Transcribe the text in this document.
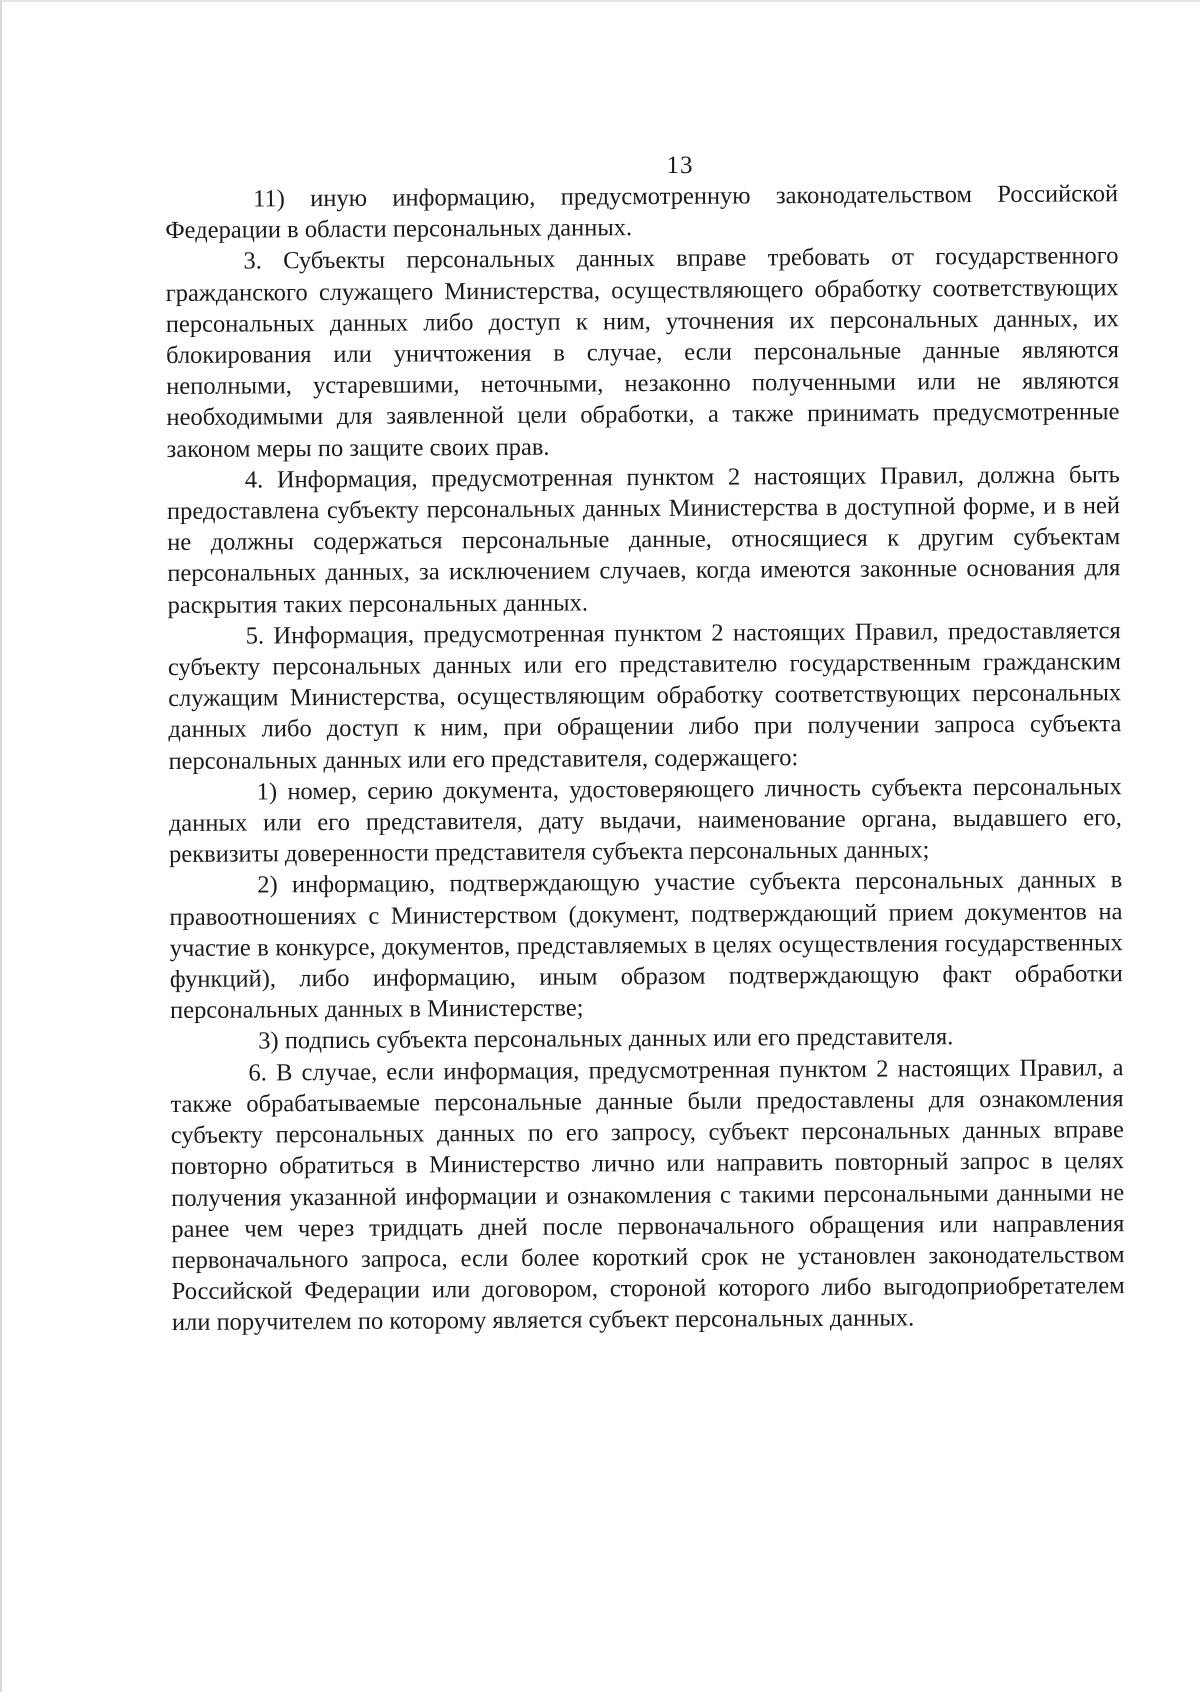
13

11) иную информацию, предусмотренную законодательством Российской Федерации в области персональных данных.

3. Субъекты персональных данных вправе требовать от государственного гражданского служащего Министерства, осуществляющего обработку соответствующих персональных данных либо доступ к ним, уточнения их персональных данных, их блокирования или уничтожения в случае, если персональные данные являются неполными, устаревшими, неточными, незаконно полученными или не являются необходимыми для заявленной цели обработки, а также принимать предусмотренные законом меры по защите своих прав.

4. Информация, предусмотренная пунктом 2 настоящих Правил, должна быть предоставлена субъекту персональных данных Министерства в доступной форме, и в ней не должны содержаться персональные данные, относящиеся к другим субъектам персональных данных, за исключением случаев, когда имеются законные основания для раскрытия таких персональных данных.

5. Информация, предусмотренная пунктом 2 настоящих Правил, предоставляется субъекту персональных данных или его представителю государственным гражданским служащим Министерства, осуществляющим обработку соответствующих персональных данных либо доступ к ним, при обращении либо при получении запроса субъекта персональных данных или его представителя, содержащего:

1) номер, серию документа, удостоверяющего личность субъекта персональных данных или его представителя, дату выдачи, наименование органа, выдавшего его, реквизиты доверенности представителя субъекта персональных данных;

2) информацию, подтверждающую участие субъекта персональных данных в правоотношениях с Министерством (документ, подтверждающий прием документов на участие в конкурсе, документов, представляемых в целях осуществления государственных функций), либо информацию, иным образом подтверждающую факт обработки персональных данных в Министерстве;

3) подпись субъекта персональных данных или его представителя.

6. В случае, если информация, предусмотренная пунктом 2 настоящих Правил, а также обрабатываемые персональные данные были предоставлены для ознакомления субъекту персональных данных по его запросу, субъект персональных данных вправе повторно обратиться в Министерство лично или направить повторный запрос в целях получения указанной информации и ознакомления с такими персональными данными не ранее чем через тридцать дней после первоначального обращения или направления первоначального запроса, если более короткий срок не установлен законодательством Российской Федерации или договором, стороной которого либо выгодоприобретателем или поручителем по которому является субъект персональных данных.
